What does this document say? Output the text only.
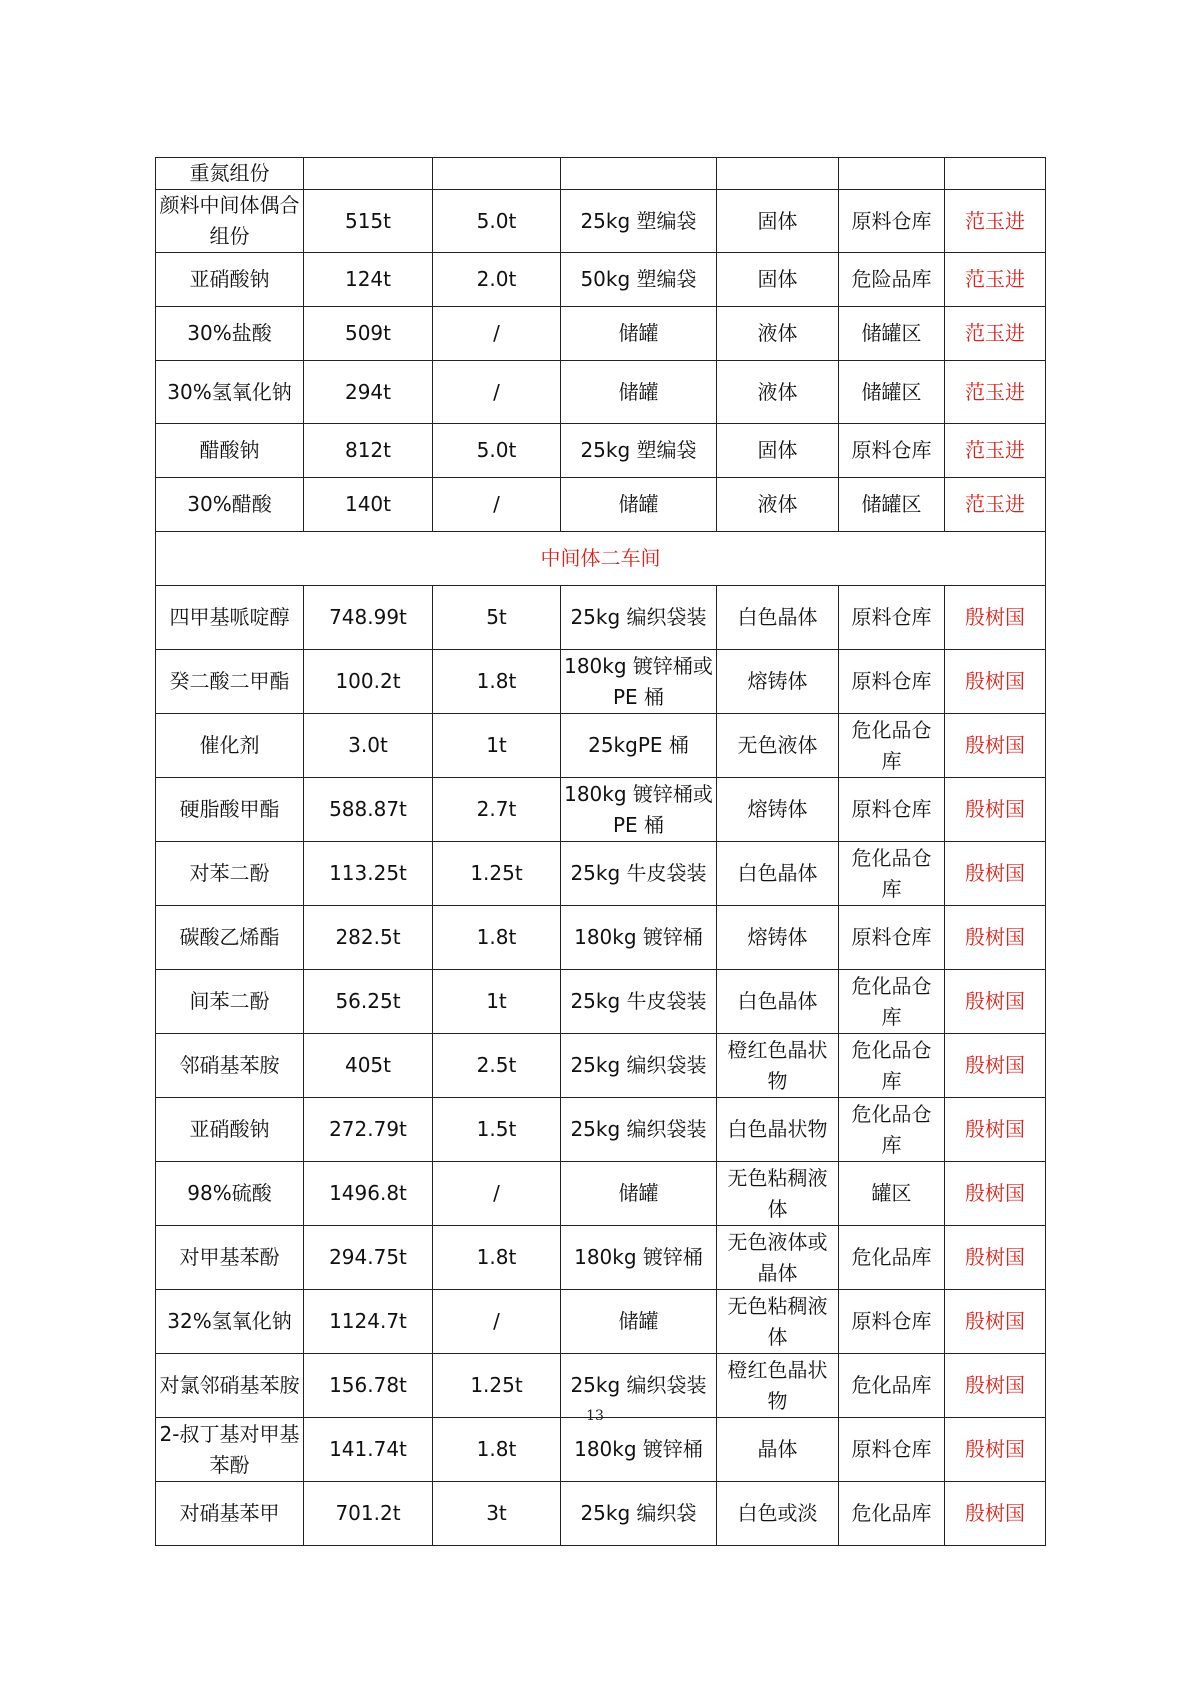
重氮组份						
颜料中间体偶合组份	515t	5.0t	25kg 塑编袋	固体	原料仓库	范玉进
亚硝酸钠	124t	2.0t	50kg 塑编袋	固体	危险品库	范玉进
30%盐酸	509t	/	储罐	液体	储罐区	范玉进
30%氢氧化钠	294t	/	储罐	液体	储罐区	范玉进
醋酸钠	812t	5.0t	25kg 塑编袋	固体	原料仓库	范玉进
30%醋酸	140t	/	储罐	液体	储罐区	范玉进
中间体二车间						
四甲基哌啶醇	748.99t	5t	25kg 编织袋装	白色晶体	原料仓库	殷树国
癸二酸二甲酯	100.2t	1.8t	180kg 镀锌桶或 PE 桶	熔铸体	原料仓库	殷树国
催化剂	3.0t	1t	25kgPE 桶	无色液体	危化品仓库	殷树国
硬脂酸甲酯	588.87t	2.7t	180kg 镀锌桶或 PE 桶	熔铸体	原料仓库	殷树国
对苯二酚	113.25t	1.25t	25kg 牛皮袋装	白色晶体	危化品仓库	殷树国
碳酸乙烯酯	282.5t	1.8t	180kg 镀锌桶	熔铸体	原料仓库	殷树国
间苯二酚	56.25t	1t	25kg 牛皮袋装	白色晶体	危化品仓库	殷树国
邻硝基苯胺	405t	2.5t	25kg 编织袋装	橙红色晶状物	危化品仓库	殷树国
亚硝酸钠	272.79t	1.5t	25kg 编织袋装	白色晶状物	危化品仓库	殷树国
98%硫酸	1496.8t	/	储罐	无色粘稠液体	罐区	殷树国
对甲基苯酚	294.75t	1.8t	180kg 镀锌桶	无色液体或晶体	危化品库	殷树国
32%氢氧化钠	1124.7t	/	储罐	无色粘稠液体	原料仓库	殷树国
对氯邻硝基苯胺	156.78t	1.25t	25kg 编织袋装	橙红色晶状物	危化品库	殷树国
2-叔丁基对甲基苯酚	141.74t	1.8t	180kg 镀锌桶	晶体	原料仓库	殷树国
对硝基苯甲	701.2t	3t	25kg 编织袋	白色或淡	危化品库	殷树国
13
